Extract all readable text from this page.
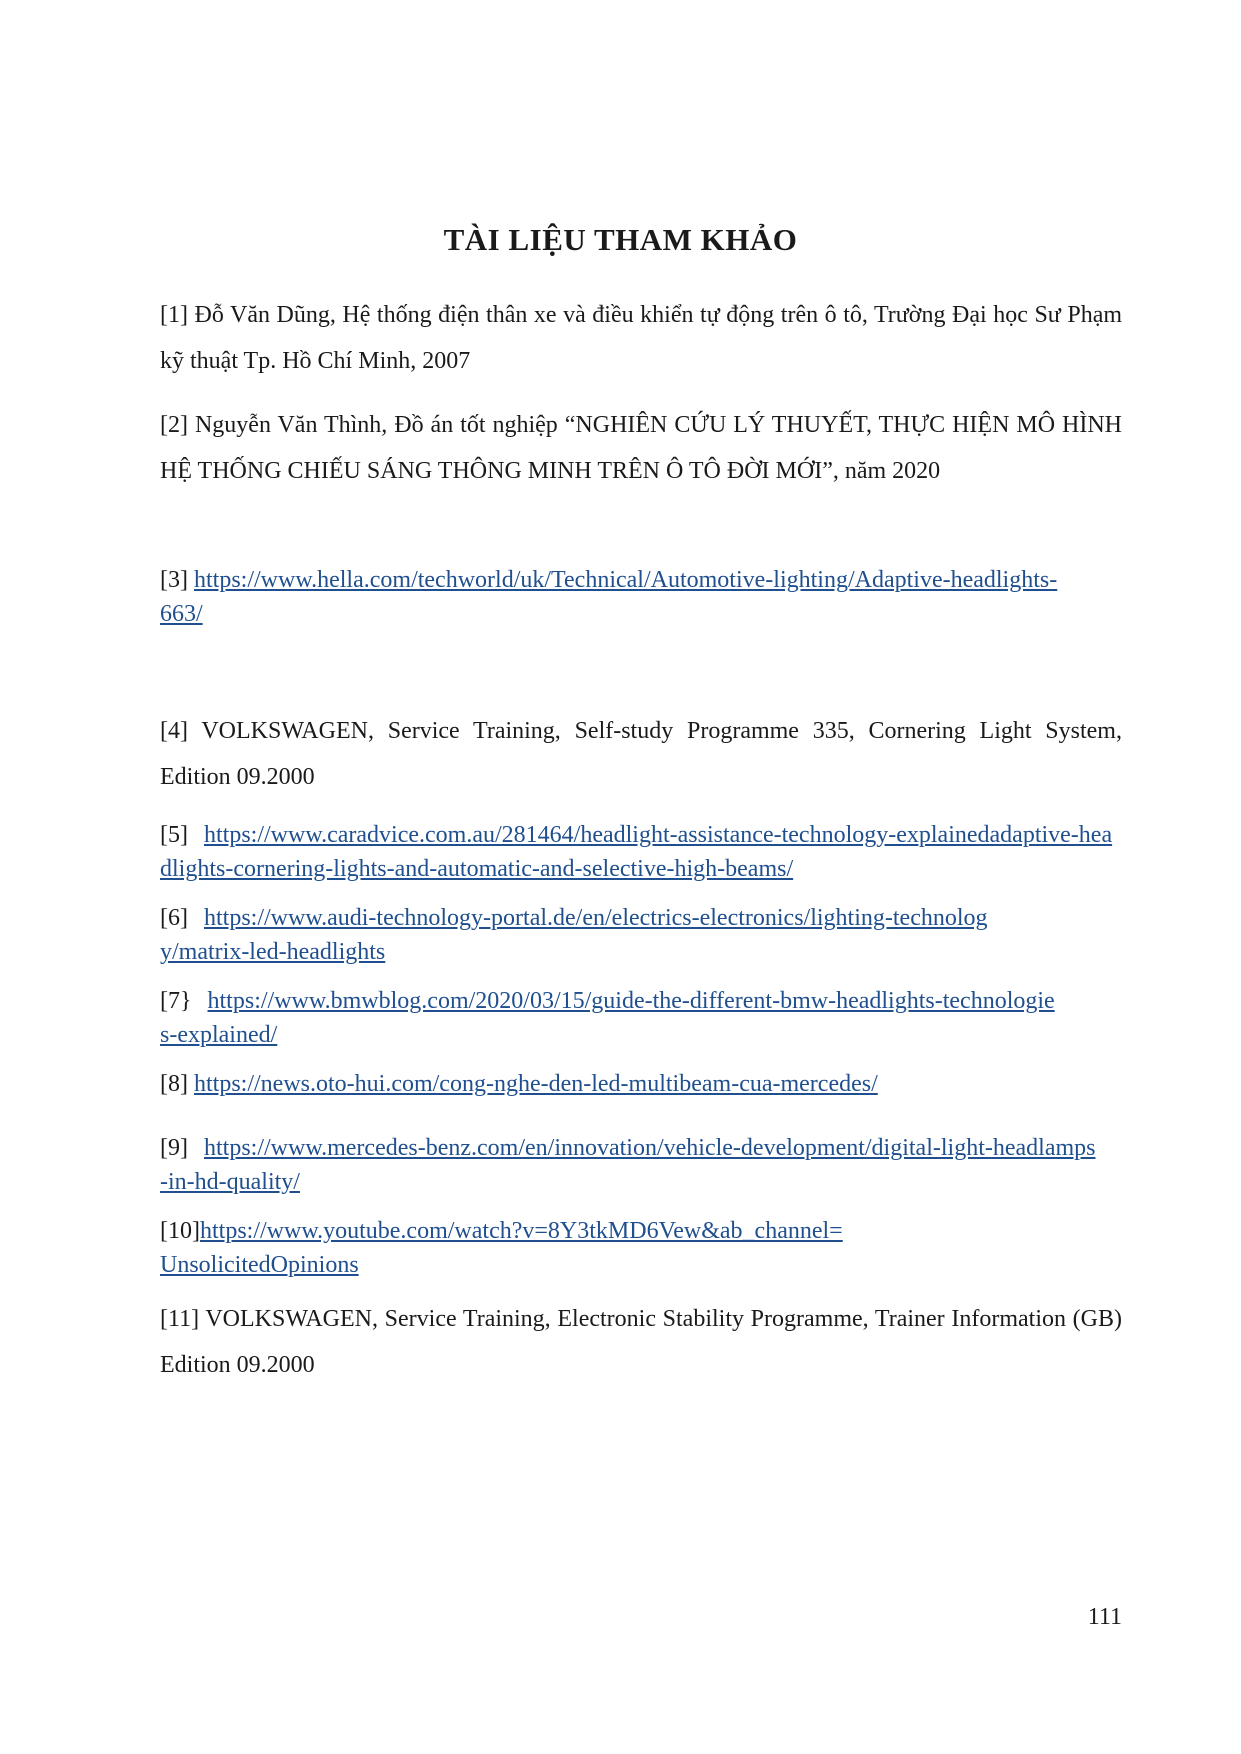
TÀI LIỆU THAM KHẢO

[1] Đỗ Văn Dũng, Hệ thống điện thân xe và điều khiển tự động trên ô tô, Trường Đại học Sư Phạm kỹ thuật Tp. Hồ Chí Minh, 2007

[2] Nguyễn Văn Thình, Đồ án tốt nghiệp “NGHIÊN CỨU LÝ THUYẾT, THỰC HIỆN MÔ HÌNH HỆ THỐNG CHIẾU SÁNG THÔNG MINH TRÊN Ô TÔ ĐỜI MỚI”, năm 2020

[3] https://www.hella.com/techworld/uk/Technical/Automotive-lighting/Adaptive-headlights-663/

[4] VOLKSWAGEN, Service Training, Self-study Programme 335, Cornering Light System, Edition 09.2000

[5] https://www.caradvice.com.au/281464/headlight-assistance-technology-explainedadaptive-headlights-cornering-lights-and-automatic-and-selective-high-beams/

[6] https://www.audi-technology-portal.de/en/electrics-electronics/lighting-technology/matrix-led-headlights

[7} https://www.bmwblog.com/2020/03/15/guide-the-different-bmw-headlights-technologies-explained/

[8] https://news.oto-hui.com/cong-nghe-den-led-multibeam-cua-mercedes/

[9] https://www.mercedes-benz.com/en/innovation/vehicle-development/digital-light-headlamps-in-hd-quality/

[10]https://www.youtube.com/watch?v=8Y3tkMD6Vew&ab_channel=UnsolicitedOpinions

[11] VOLKSWAGEN, Service Training, Electronic Stability Programme, Trainer Information (GB) Edition 09.2000

111
